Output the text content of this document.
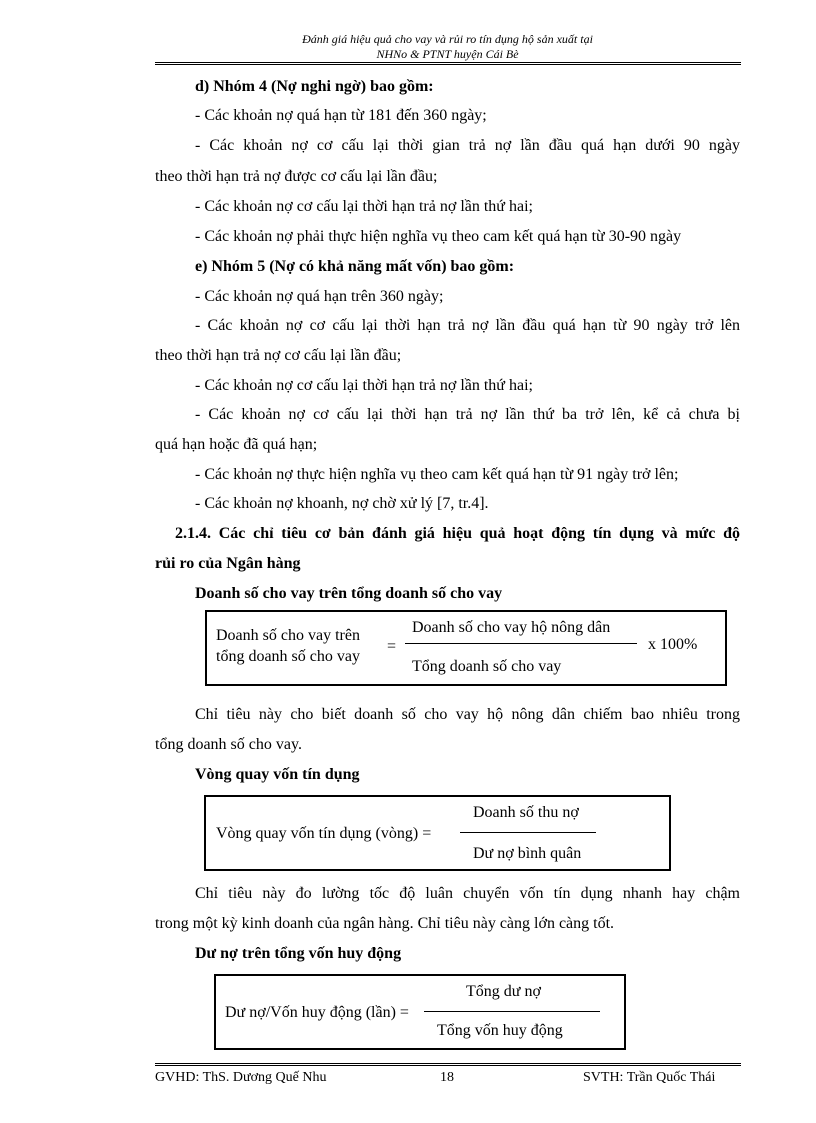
Đánh giá hiệu quả cho vay và rủi ro tín dụng hộ sản xuất tại
NHNo & PTNT huyện Cái Bè
d) Nhóm 4 (Nợ nghi ngờ) bao gồm:
- Các khoản nợ quá hạn từ 181 đến 360 ngày;
- Các khoản nợ cơ cấu lại thời gian trả nợ lần đầu quá hạn dưới 90 ngày
theo thời hạn trả nợ được cơ cấu lại lần đầu;
- Các khoản nợ cơ cấu lại thời hạn trả nợ lần thứ hai;
- Các khoản nợ phải thực hiện nghĩa vụ theo cam kết quá hạn từ 30-90 ngày
e) Nhóm 5 (Nợ có khả năng mất vốn) bao gồm:
- Các khoản nợ quá hạn trên 360 ngày;
- Các khoản nợ cơ cấu lại thời hạn trả nợ lần đầu quá hạn từ 90 ngày trở lên
theo thời hạn trả nợ cơ cấu lại lần đầu;
- Các khoản nợ cơ cấu lại thời hạn trả nợ lần thứ hai;
- Các khoản nợ cơ cấu lại thời hạn trả nợ lần thứ ba trở lên, kể cả chưa bị
quá hạn hoặc đã quá hạn;
- Các khoản nợ thực hiện nghĩa vụ theo cam kết quá hạn từ 91 ngày trở lên;
- Các khoản nợ khoanh, nợ chờ xử lý [7, tr.4].
2.1.4. Các chỉ tiêu cơ bản đánh giá hiệu quả hoạt động tín dụng và mức độ
rủi ro của Ngân hàng
Doanh số cho vay trên tổng doanh số cho vay
Doanh số cho vay trên
tổng doanh số cho vay
=
Doanh số cho vay hộ nông dân
Tổng doanh số cho vay
x 100%
Chỉ tiêu này cho biết doanh số cho vay hộ nông dân chiếm bao nhiêu trong
tổng doanh số cho vay.
Vòng quay vốn tín dụng
Vòng quay vốn tín dụng (vòng) =
Doanh số thu nợ
Dư nợ bình quân
Chỉ tiêu này đo lường tốc độ luân chuyển vốn tín dụng nhanh hay chậm
trong một kỳ kinh doanh của ngân hàng. Chỉ tiêu này càng lớn càng tốt.
Dư nợ trên tổng vốn huy động
Dư nợ/Vốn huy động (lần) =
Tổng dư nợ
Tổng vốn huy động
GVHD: ThS. Dương Quế Nhu	18	SVTH: Trần Quốc Thái
